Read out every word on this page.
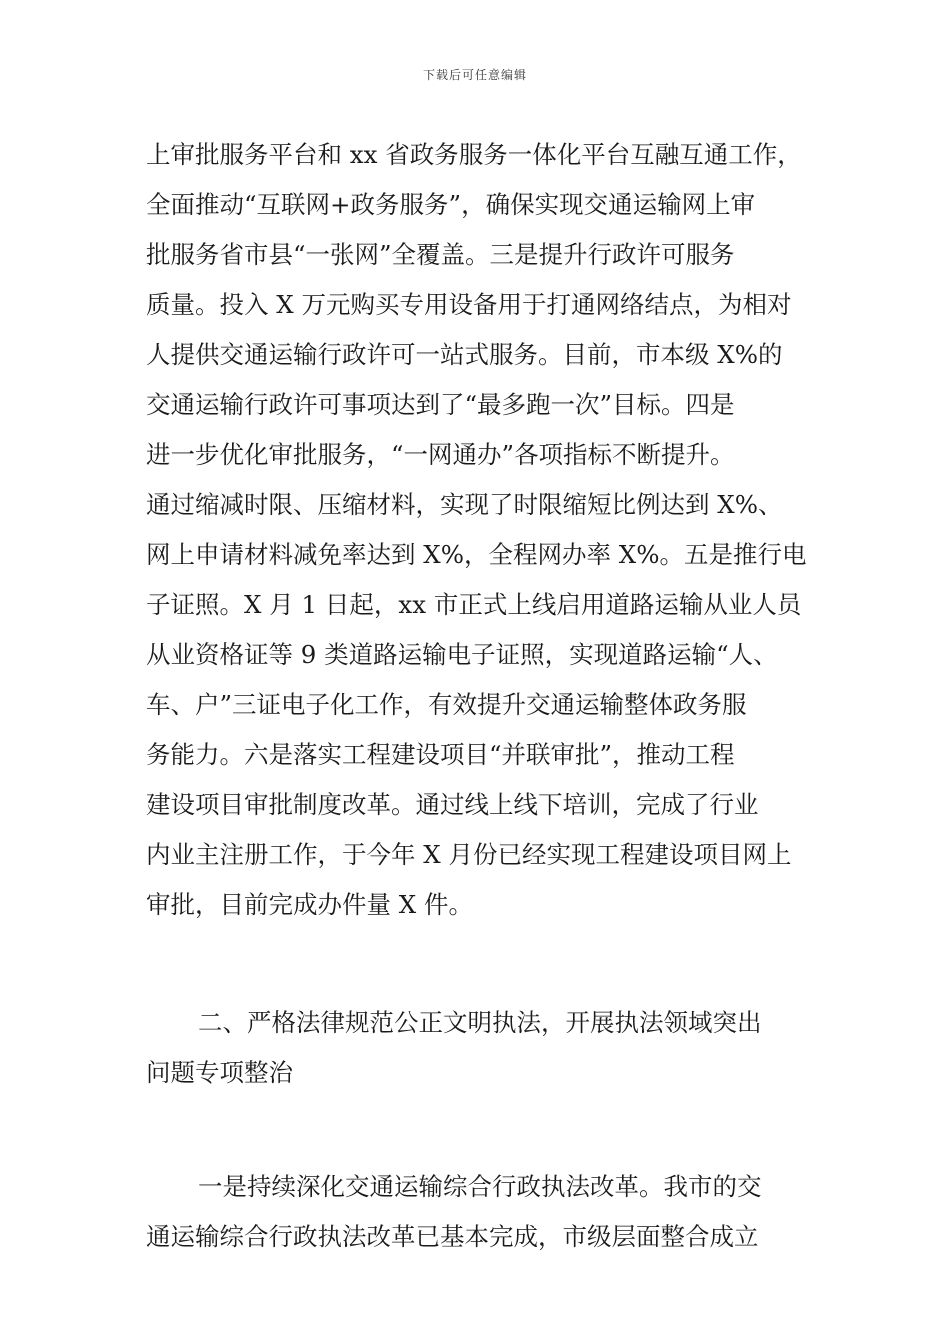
下载后可任意编辑
上审批服务平台和 xx 省政务服务一体化平台互融互通工作，
全面推动“互联网+政务服务”，确保实现交通运输网上审
批服务省市县“一张网”全覆盖。三是提升行政许可服务
质量。投入 X 万元购买专用设备用于打通网络结点，为相对
人提供交通运输行政许可一站式服务。目前，市本级 X%的
交通运输行政许可事项达到了“最多跑一次”目标。四是
进一步优化审批服务，“一网通办”各项指标不断提升。
通过缩减时限、压缩材料，实现了时限缩短比例达到 X%、
网上申请材料减免率达到 X%，全程网办率 X%。五是推行电
子证照。X 月 1 日起，xx 市正式上线启用道路运输从业人员
从业资格证等 9 类道路运输电子证照，实现道路运输“人、
车、户”三证电子化工作，有效提升交通运输整体政务服
务能力。六是落实工程建设项目“并联审批”，推动工程
建设项目审批制度改革。通过线上线下培训，完成了行业
内业主注册工作，于今年 X 月份已经实现工程建设项目网上
审批，目前完成办件量 X 件。
二、严格法律规范公正文明执法，开展执法领域突出
问题专项整治
一是持续深化交通运输综合行政执法改革。我市的交
通运输综合行政执法改革已基本完成，市级层面整合成立
